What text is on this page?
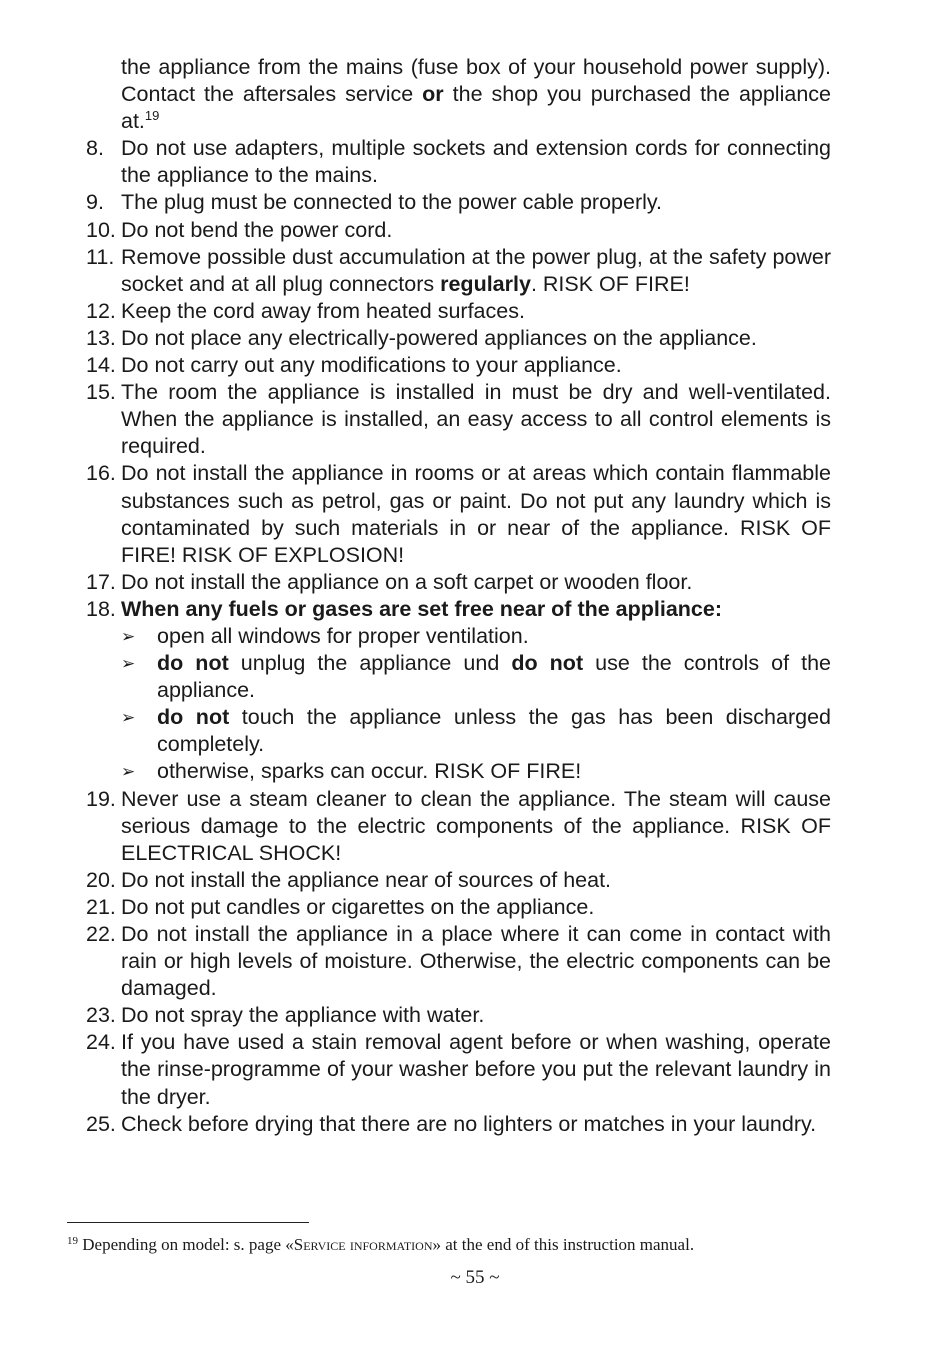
the appliance from the mains (fuse box of your household power supply). Contact the aftersales service or the shop you purchased the appliance at.$^{19}$
8. Do not use adapters, multiple sockets and extension cords for connecting the appliance to the mains.
9. The plug must be connected to the power cable properly.
10. Do not bend the power cord.
11. Remove possible dust accumulation at the power plug, at the safety power socket and at all plug connectors regularly. RISK OF FIRE!
12. Keep the cord away from heated surfaces.
13. Do not place any electrically-powered appliances on the appliance.
14. Do not carry out any modifications to your appliance.
15. The room the appliance is installed in must be dry and well-ventilated. When the appliance is installed, an easy access to all control elements is required.
16. Do not install the appliance in rooms or at areas which contain flammable substances such as petrol, gas or paint. Do not put any laundry which is contaminated by such materials in or near of the appliance. RISK OF FIRE! RISK OF EXPLOSION!
17. Do not install the appliance on a soft carpet or wooden floor.
18. When any fuels or gases are set free near of the appliance:
➢	open all windows for proper ventilation.
➢	do not unplug the appliance und do not use the controls of the appliance.
➢	do not touch the appliance unless the gas has been discharged completely.
➢	otherwise, sparks can occur. RISK OF FIRE!
19. Never use a steam cleaner to clean the appliance. The steam will cause serious damage to the electric components of the appliance. RISK OF ELECTRICAL SHOCK!
20. Do not install the appliance near of sources of heat.
21. Do not put candles or cigarettes on the appliance.
22. Do not install the appliance in a place where it can come in contact with rain or high levels of moisture. Otherwise, the electric components can be damaged.
23. Do not spray the appliance with water.
24. If you have used a stain removal agent before or when washing, operate the rinse-programme of your washer before you put the relevant laundry in the dryer.
25. Check before drying that there are no lighters or matches in your laundry.
$^{19}$ Depending on model: s. page «Service information» at the end of this instruction manual.
~ 55 ~
